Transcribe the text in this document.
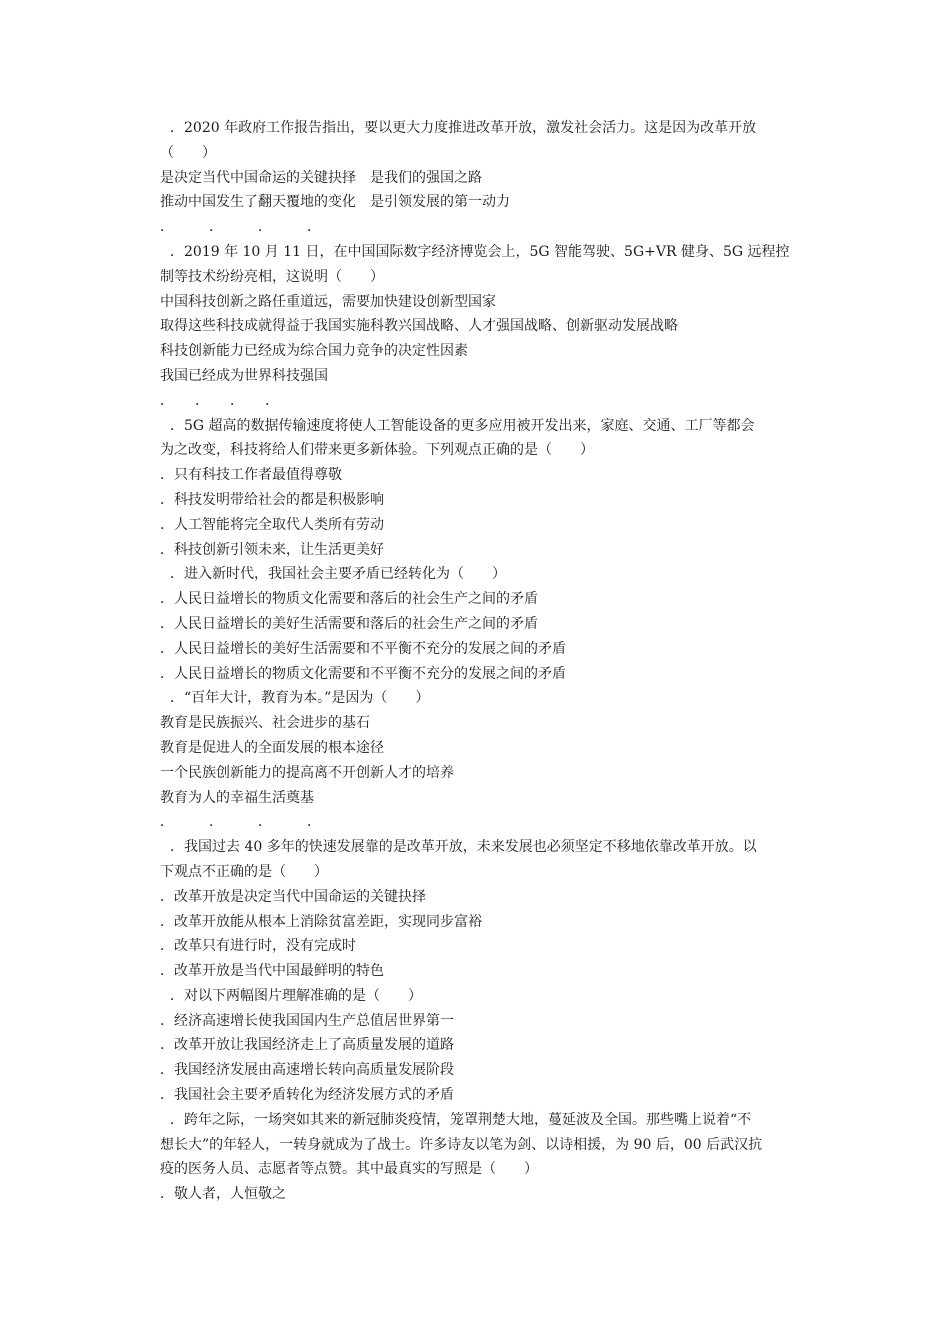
．2020 年政府工作报告指出，要以更大力度推进改革开放，激发社会活力。这是因为改革开放
（　　）
是决定当代中国命运的关键抉择　是我们的强国之路
推动中国发生了翻天覆地的变化　是引领发展的第一动力
．　　　．　　　．　　　．
．2019 年 10 月 11 日，在中国国际数字经济博览会上，5G 智能驾驶、5G+VR 健身、5G 远程控
制等技术纷纷亮相，这说明（　　）
中国科技创新之路任重道远，需要加快建设创新型国家
取得这些科技成就得益于我国实施科教兴国战略、人才强国战略、创新驱动发展战略
科技创新能力已经成为综合国力竞争的决定性因素
我国已经成为世界科技强国
．　　．　　．　　．
．5G 超高的数据传输速度将使人工智能设备的更多应用被开发出来，家庭、交通、工厂等都会
为之改变，科技将给人们带来更多新体验。下列观点正确的是（　　）
．只有科技工作者最值得尊敬
．科技发明带给社会的都是积极影响
．人工智能将完全取代人类所有劳动
．科技创新引领未来，让生活更美好
．进入新时代，我国社会主要矛盾已经转化为（　　）
．人民日益增长的物质文化需要和落后的社会生产之间的矛盾
．人民日益增长的美好生活需要和落后的社会生产之间的矛盾
．人民日益增长的美好生活需要和不平衡不充分的发展之间的矛盾
．人民日益增长的物质文化需要和不平衡不充分的发展之间的矛盾
．“百年大计，教育为本。”是因为（　　）
教育是民族振兴、社会进步的基石
教育是促进人的全面发展的根本途径
一个民族创新能力的提高离不开创新人才的培养
教育为人的幸福生活奠基
．　　　．　　　．　　　．
．我国过去 40 多年的快速发展靠的是改革开放，未来发展也必须坚定不移地依靠改革开放。以
下观点不正确的是（　　）
．改革开放是决定当代中国命运的关键抉择
．改革开放能从根本上消除贫富差距，实现同步富裕
．改革只有进行时，没有完成时
．改革开放是当代中国最鲜明的特色
．对以下两幅图片理解准确的是（　　）
．经济高速增长使我国国内生产总值居世界第一
．改革开放让我国经济走上了高质量发展的道路
．我国经济发展由高速增长转向高质量发展阶段
．我国社会主要矛盾转化为经济发展方式的矛盾
．跨年之际，一场突如其来的新冠肺炎疫情，笼罩荆楚大地，蔓延波及全国。那些嘴上说着“不
想长大”的年轻人，一转身就成为了战士。许多诗友以笔为剑、以诗相援，为 90 后，00 后武汉抗
疫的医务人员、志愿者等点赞。其中最真实的写照是（　　）
．敬人者，人恒敬之
